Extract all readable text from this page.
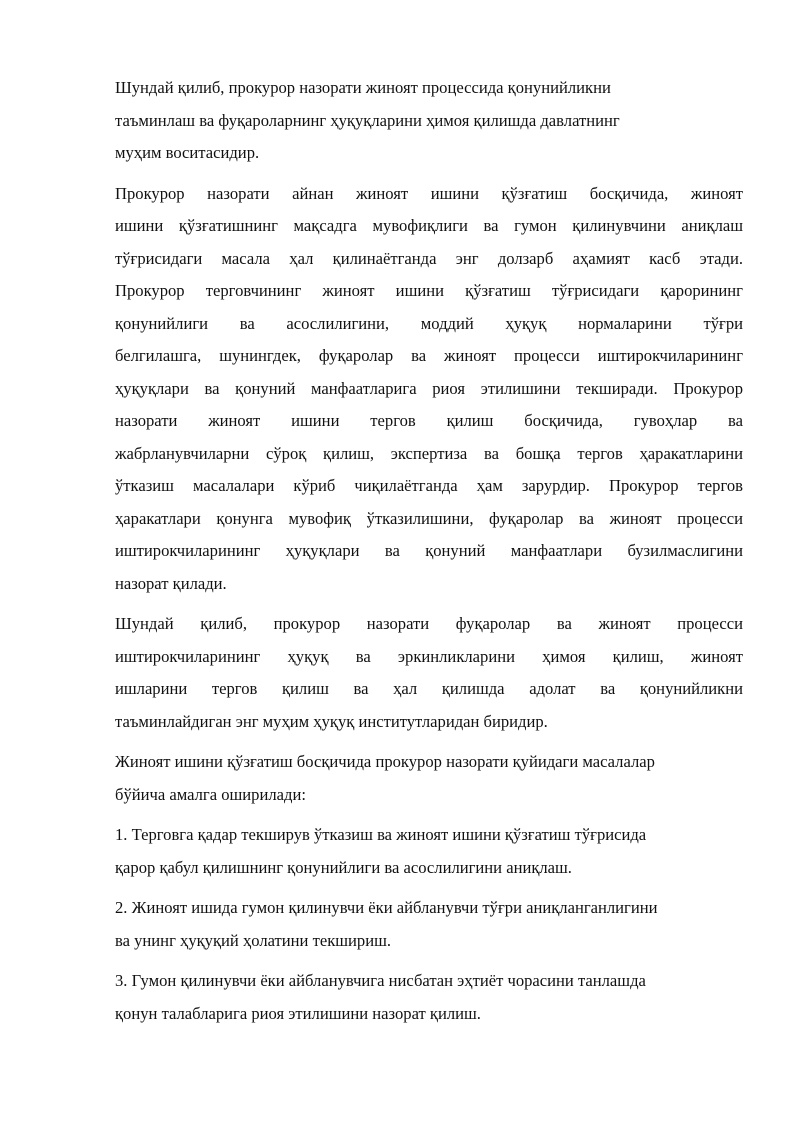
Шундай қилиб, прокурор назорати жиноят процессида қонунийликни
таъминлаш ва фуқароларнинг ҳуқуқларини ҳимоя қилишда давлатнинг
муҳим воситасидир.

Прокурор назорати айнан жиноят ишини қўзғатиш босқичида, жиноят
ишини қўзғатишнинг мақсадга мувофиқлиги ва гумон қилинувчини аниқлаш
тўғрисидаги масала ҳал қилинаётганда энг долзарб аҳамият касб этади.
Прокурор терговчининг жиноят ишини қўзғатиш тўғрисидаги қарорининг
қонунийлиги ва асослилигини, моддий ҳуқуқ нормаларини тўғри
белгилашга, шунингдек, фуқаролар ва жиноят процесси иштирокчиларининг
ҳуқуқлари ва қонуний манфаатларига риоя этилишини текширади. Прокурор
назорати жиноят ишини тергов қилиш босқичида, гувоҳлар ва
жабрланувчиларни сўроқ қилиш, экспертиза ва бошқа тергов ҳаракатларини
ўтказиш масалалари кўриб чиқилаётганда ҳам зарурдир. Прокурор тергов
ҳаракатлари қонунга мувофиқ ўтказилишини, фуқаролар ва жиноят процесси
иштирокчиларининг ҳуқуқлари ва қонуний манфаатлари бузилмаслигини
назорат қилади.

Шундай қилиб, прокурор назорати фуқаролар ва жиноят процесси
иштирокчиларининг ҳуқуқ ва эркинликларини ҳимоя қилиш, жиноят
ишларини тергов қилиш ва ҳал қилишда адолат ва қонунийликни
таъминлайдиган энг муҳим ҳуқуқ институтларидан биридир.

Жиноят ишини қўзғатиш босқичида прокурор назорати қуйидаги масалалар
бўйича амалга оширилади:

1. Терговга қадар текширув ўтказиш ва жиноят ишини қўзғатиш тўғрисида
қарор қабул қилишнинг қонунийлиги ва асослилигини аниқлаш.

2. Жиноят ишида гумон қилинувчи ёки айбланувчи тўғри аниқланганлигини
ва унинг ҳуқуқий ҳолатини текшириш.

3. Гумон қилинувчи ёки айбланувчига нисбатан эҳтиёт чорасини танлашда
қонун талабларига риоя этилишини назорат қилиш.
